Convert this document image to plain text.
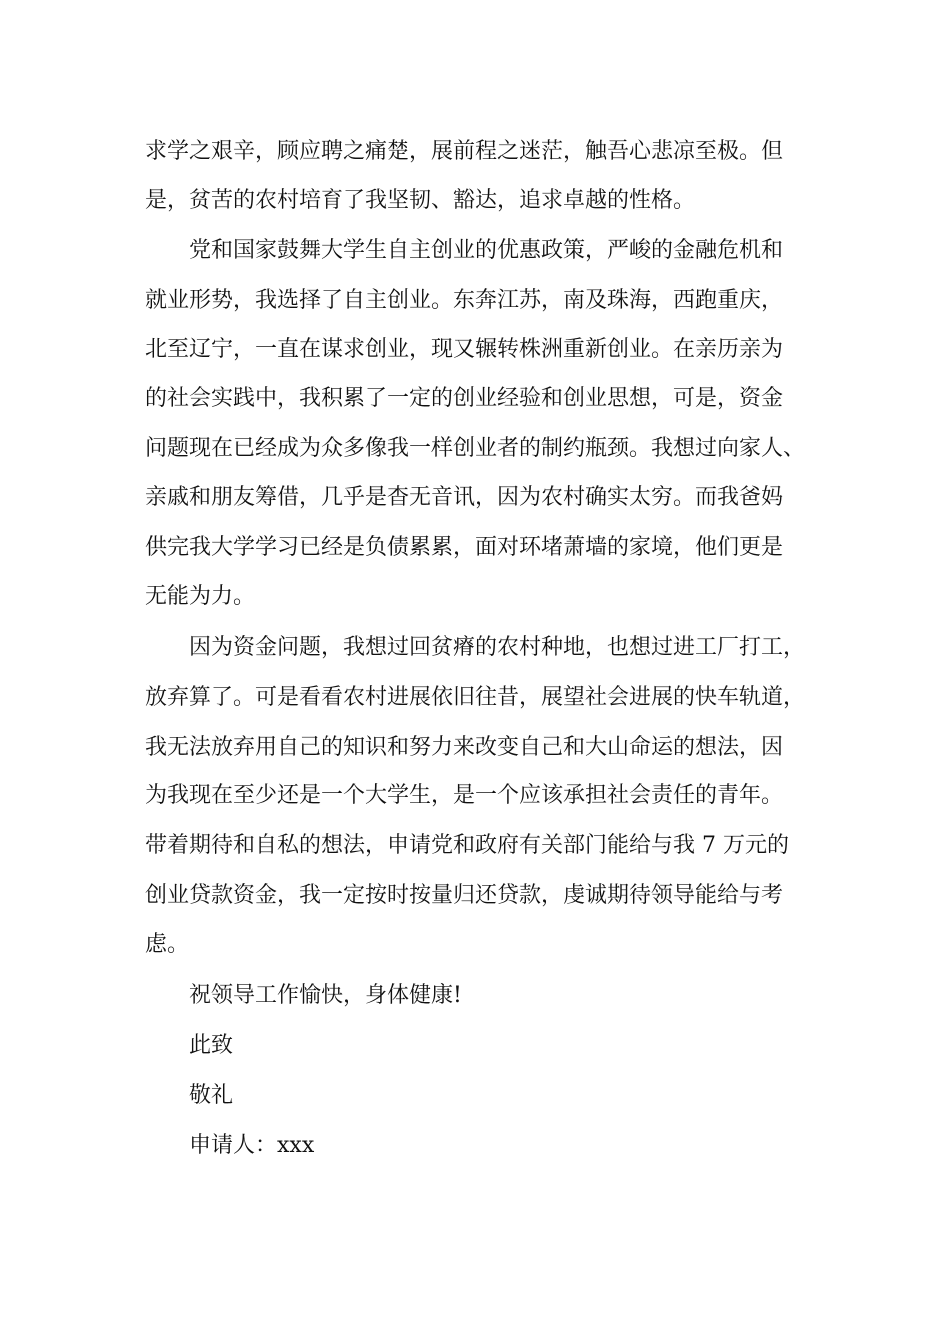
求学之艰辛，顾应聘之痛楚，展前程之迷茫，触吾心悲凉至极。但

是，贫苦的农村培育了我坚韧、豁达，追求卓越的性格。

党和国家鼓舞大学生自主创业的优惠政策，严峻的金融危机和

就业形势，我选择了自主创业。东奔江苏，南及珠海，西跑重庆，

北至辽宁，一直在谋求创业，现又辗转株洲重新创业。在亲历亲为

的社会实践中，我积累了一定的创业经验和创业思想，可是，资金

问题现在已经成为众多像我一样创业者的制约瓶颈。我想过向家人、

亲戚和朋友筹借，几乎是杳无音讯，因为农村确实太穷。而我爸妈

供完我大学学习已经是负债累累，面对环堵萧墙的家境，他们更是

无能为力。

因为资金问题，我想过回贫瘠的农村种地，也想过进工厂打工，

放弃算了。可是看看农村进展依旧往昔，展望社会进展的快车轨道，

我无法放弃用自己的知识和努力来改变自己和大山命运的想法，因

为我现在至少还是一个大学生，是一个应该承担社会责任的青年。

带着期待和自私的想法，申请党和政府有关部门能给与我 7 万元的

创业贷款资金，我一定按时按量归还贷款，虔诚期待领导能给与考

虑。

祝领导工作愉快，身体健康!

此致

敬礼

申请人：xxx
